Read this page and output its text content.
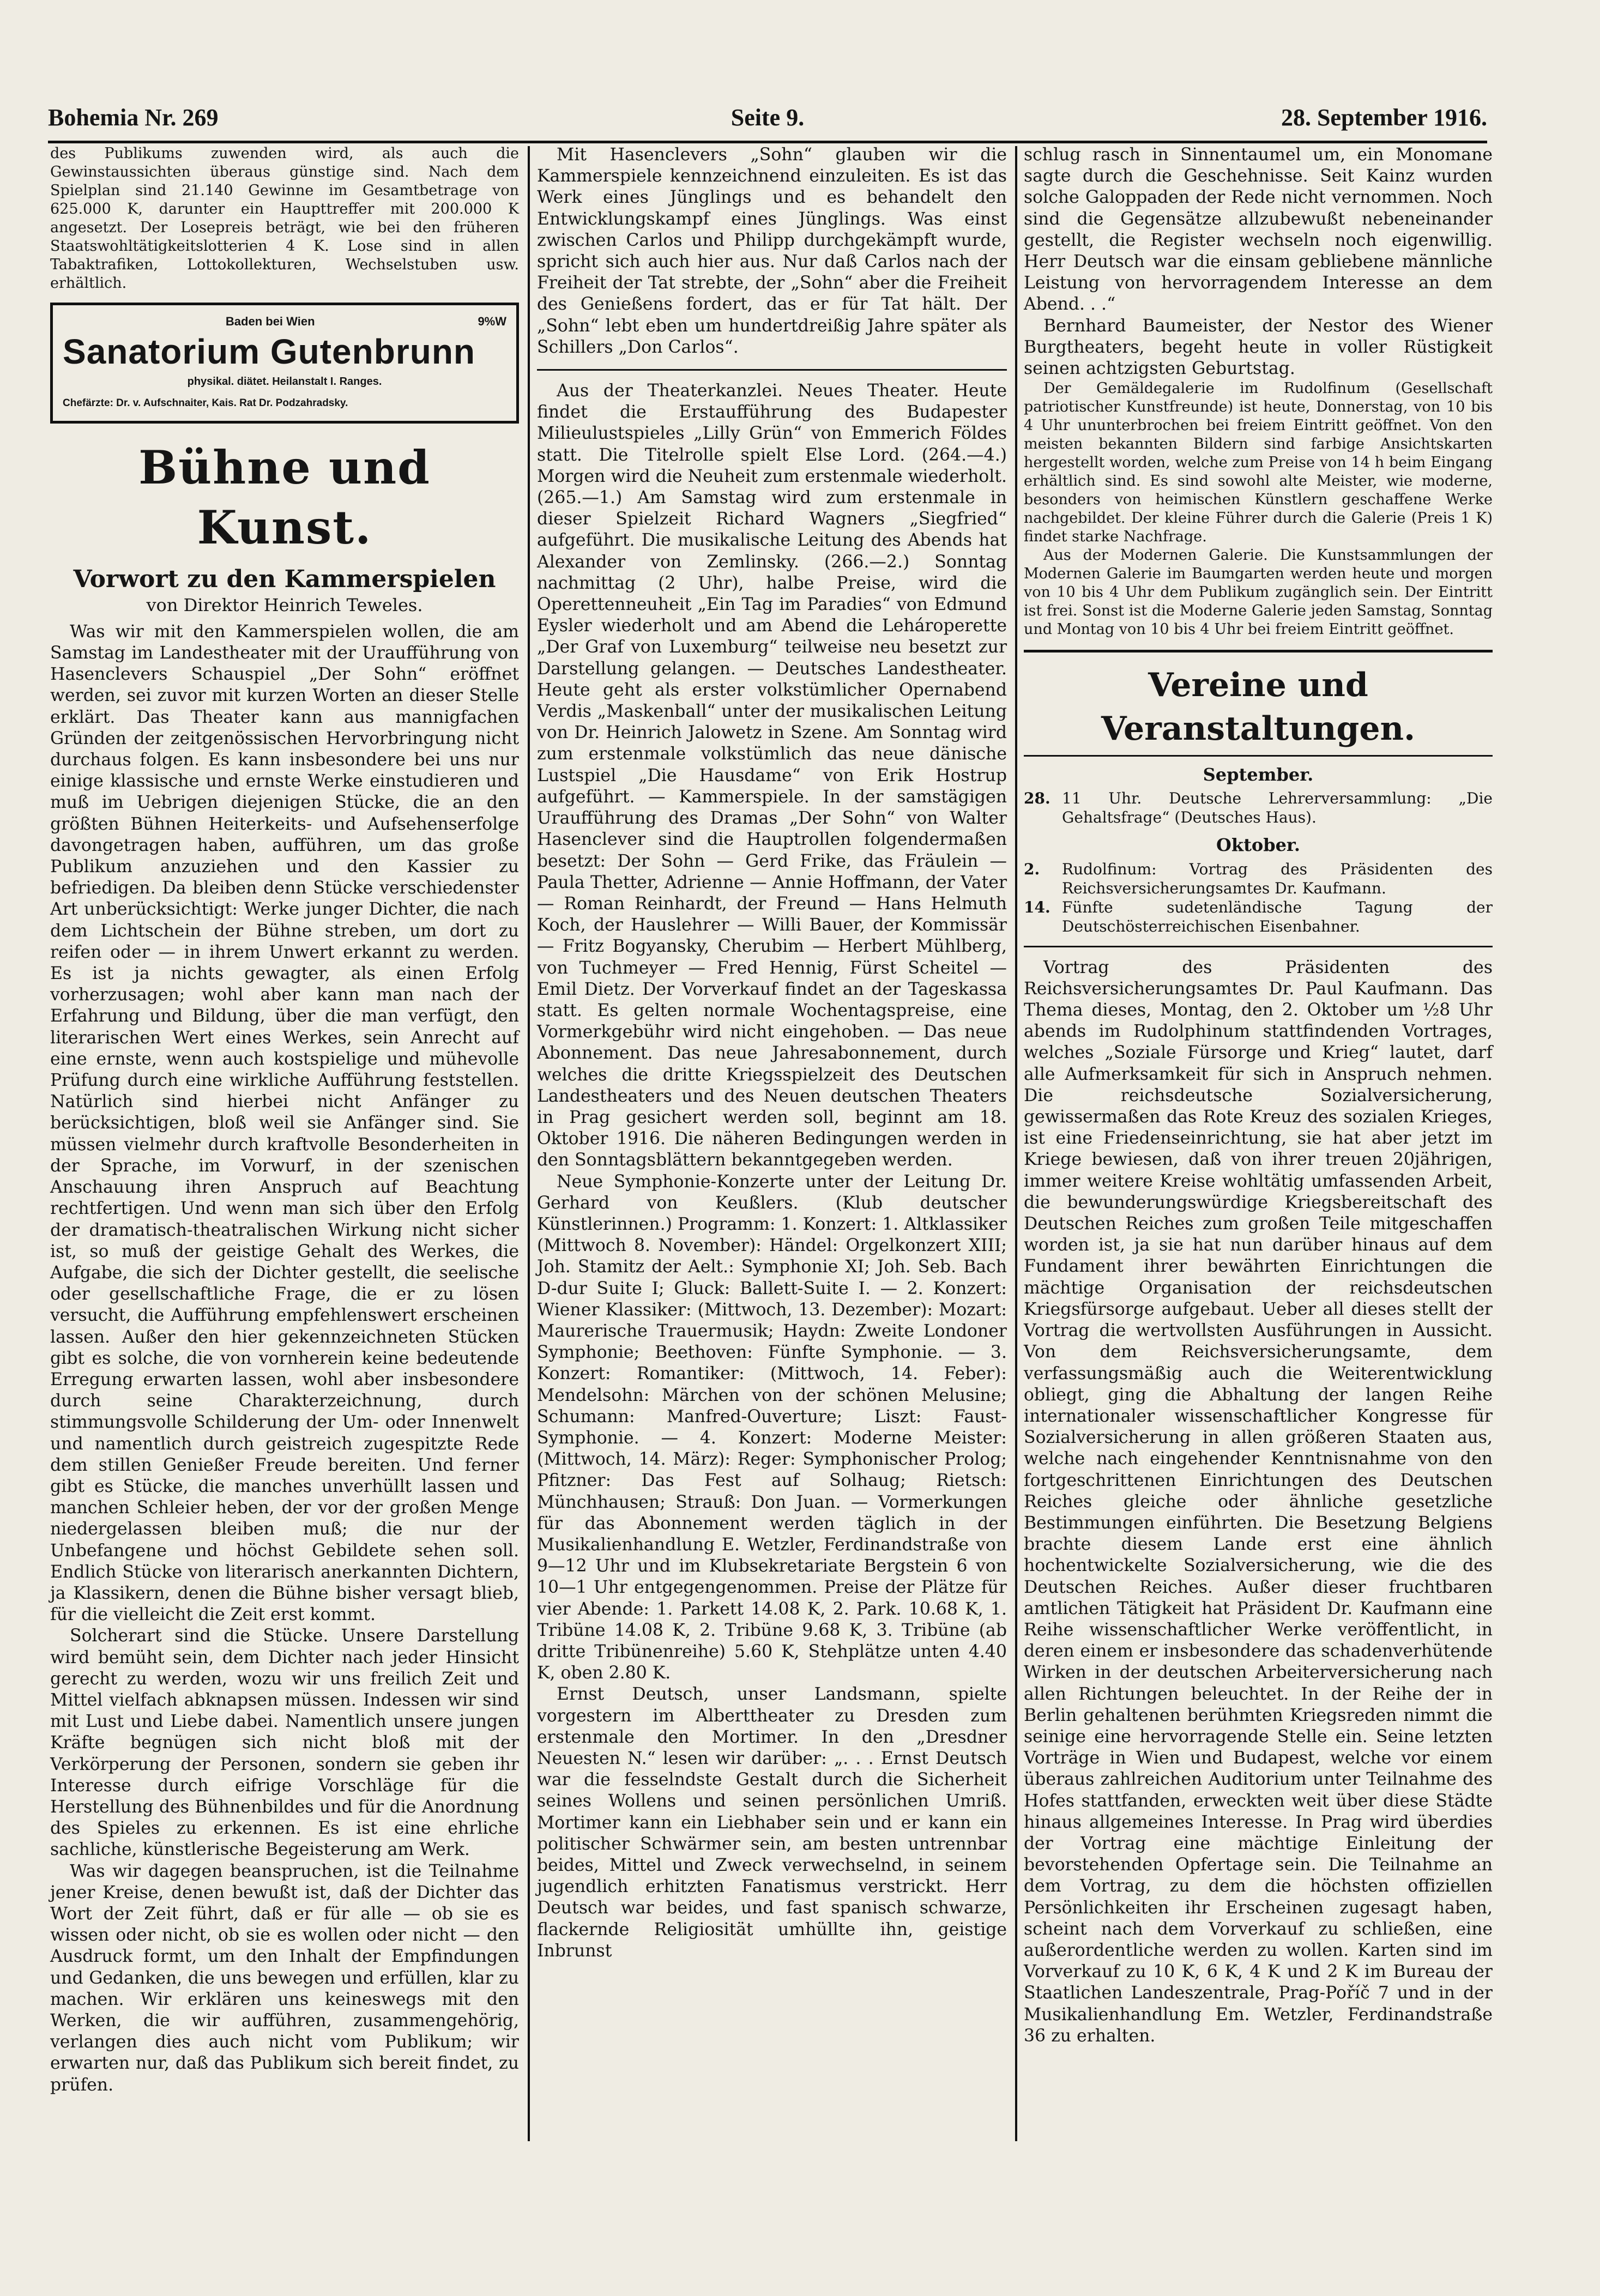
Bohemia Nr. 269	Seite 9.	28. September 1916.

des Publikums zuwenden wird, als auch die Gewinstaussichten überaus günstige sind. Nach dem Spielplan sind 21.140 Gewinne im Gesamtbetrage von 625.000 K, darunter ein Haupttreffer mit 200.000 K angesetzt. Der Losepreis beträgt, wie bei den früheren Staatswohltätigkeitslotterien 4 K. Lose sind in allen Tabaktrafiken, Lottokollekturen, Wechselstuben usw. erhältlich.

Baden bei Wien	9%W
Sanatorium Gutenbrunn
physikal. diätet. Heilanstalt I. Ranges.
Chefärzte: Dr. v. Aufschnaiter, Kais. Rat Dr. Podzahradsky.
Bühne und Kunst.
Vorwort zu den Kammerspielen
von Direktor Heinrich Teweles.

Was wir mit den Kammerspielen wollen, die am Samstag im Landestheater mit der Uraufführung von Hasenclevers Schauspiel „Der Sohn“ eröffnet werden, sei zuvor mit kurzen Worten an dieser Stelle erklärt. Das Theater kann aus mannigfachen Gründen der zeitgenössischen Hervorbringung nicht durchaus folgen. Es kann insbesondere bei uns nur einige klassische und ernste Werke einstudieren und muß im Uebrigen diejenigen Stücke, die an den größten Bühnen Heiterkeits- und Aufsehenserfolge davongetragen haben, aufführen, um das große Publikum anzuziehen und den Kassier zu befriedigen. Da bleiben denn Stücke verschiedenster Art unberücksichtigt: Werke junger Dichter, die nach dem Lichtschein der Bühne streben, um dort zu reifen oder — in ihrem Unwert erkannt zu werden. Es ist ja nichts gewagter, als einen Erfolg vorherzusagen; wohl aber kann man nach der Erfahrung und Bildung, über die man verfügt, den literarischen Wert eines Werkes, sein Anrecht auf eine ernste, wenn auch kostspielige und mühevolle Prüfung durch eine wirkliche Aufführung feststellen. Natürlich sind hierbei nicht Anfänger zu berücksichtigen, bloß weil sie Anfänger sind. Sie müssen vielmehr durch kraftvolle Besonderheiten in der Sprache, im Vorwurf, in der szenischen Anschauung ihren Anspruch auf Beachtung rechtfertigen. Und wenn man sich über den Erfolg der dramatisch-theatralischen Wirkung nicht sicher ist, so muß der geistige Gehalt des Werkes, die Aufgabe, die sich der Dichter gestellt, die seelische oder gesellschaftliche Frage, die er zu lösen versucht, die Aufführung empfehlenswert erscheinen lassen. Außer den hier gekennzeichneten Stücken gibt es solche, die von vornherein keine bedeutende Erregung erwarten lassen, wohl aber insbesondere durch seine Charakterzeichnung, durch stimmungsvolle Schilderung der Um- oder Innenwelt und namentlich durch geistreich zugespitzte Rede dem stillen Genießer Freude bereiten. Und ferner gibt es Stücke, die manches unverhüllt lassen und manchen Schleier heben, der vor der großen Menge niedergelassen bleiben muß; die nur der Unbefangene und höchst Gebildete sehen soll. Endlich Stücke von literarisch anerkannten Dichtern, ja Klassikern, denen die Bühne bisher versagt blieb, für die vielleicht die Zeit erst kommt.

Solcherart sind die Stücke. Unsere Darstellung wird bemüht sein, dem Dichter nach jeder Hinsicht gerecht zu werden, wozu wir uns freilich Zeit und Mittel vielfach abknapsen müssen. Indessen wir sind mit Lust und Liebe dabei. Namentlich unsere jungen Kräfte begnügen sich nicht bloß mit der Verkörperung der Personen, sondern sie geben ihr Interesse durch eifrige Vorschläge für die Herstellung des Bühnenbildes und für die Anordnung des Spieles zu erkennen. Es ist eine ehrliche sachliche, künstlerische Begeisterung am Werk.

Was wir dagegen beanspruchen, ist die Teilnahme jener Kreise, denen bewußt ist, daß der Dichter das Wort der Zeit führt, daß er für alle — ob sie es wissen oder nicht, ob sie es wollen oder nicht — den Ausdruck formt, um den Inhalt der Empfindungen und Gedanken, die uns bewegen und erfüllen, klar zu machen. Wir erklären uns keineswegs mit den Werken, die wir aufführen, zusammengehörig, verlangen dies auch nicht vom Publikum; wir erwarten nur, daß das Publikum sich bereit findet, zu prüfen.

Mit Hasenclevers „Sohn“ glauben wir die Kammerspiele kennzeichnend einzuleiten. Es ist das Werk eines Jünglings und es behandelt den Entwicklungskampf eines Jünglings. Was einst zwischen Carlos und Philipp durchgekämpft wurde, spricht sich auch hier aus. Nur daß Carlos nach der Freiheit der Tat strebte, der „Sohn“ aber die Freiheit des Genießens fordert, das er für Tat hält. Der „Sohn“ lebt eben um hundertdreißig Jahre später als Schillers „Don Carlos“.

Aus der Theaterkanzlei. Neues Theater. Heute findet die Erstaufführung des Budapester Milieulustspieles „Lilly Grün“ von Emmerich Földes statt. Die Titelrolle spielt Else Lord. (264.—4.) Morgen wird die Neuheit zum erstenmale wiederholt. (265.—1.) Am Samstag wird zum erstenmale in dieser Spielzeit Richard Wagners „Siegfried“ aufgeführt. Die musikalische Leitung des Abends hat Alexander von Zemlinsky. (266.—2.) Sonntag nachmittag (2 Uhr), halbe Preise, wird die Operettenneuheit „Ein Tag im Paradies“ von Edmund Eysler wiederholt und am Abend die Lehároperette „Der Graf von Luxemburg“ teilweise neu besetzt zur Darstellung gelangen. — Deutsches Landestheater. Heute geht als erster volkstümlicher Opernabend Verdis „Maskenball“ unter der musikalischen Leitung von Dr. Heinrich Jalowetz in Szene. Am Sonntag wird zum erstenmale volkstümlich das neue dänische Lustspiel „Die Hausdame“ von Erik Hostrup aufgeführt. — Kammerspiele. In der samstägigen Uraufführung des Dramas „Der Sohn“ von Walter Hasenclever sind die Hauptrollen folgendermaßen besetzt: Der Sohn — Gerd Frike, das Fräulein — Paula Thetter, Adrienne — Annie Hoffmann, der Vater — Roman Reinhardt, der Freund — Hans Helmuth Koch, der Hauslehrer — Willi Bauer, der Kommissär — Fritz Bogyansky, Cherubim — Herbert Mühlberg, von Tuchmeyer — Fred Hennig, Fürst Scheitel — Emil Dietz. Der Vorverkauf findet an der Tageskassa statt. Es gelten normale Wochentagspreise, eine Vormerkgebühr wird nicht eingehoben. — Das neue Abonnement. Das neue Jahresabonnement, durch welches die dritte Kriegsspielzeit des Deutschen Landestheaters und des Neuen deutschen Theaters in Prag gesichert werden soll, beginnt am 18. Oktober 1916. Die näheren Bedingungen werden in den Sonntagsblättern bekanntgegeben werden.

Neue Symphonie-Konzerte unter der Leitung Dr. Gerhard von Keußlers. (Klub deutscher Künstlerinnen.) Programm: 1. Konzert: 1. Altklassiker (Mittwoch 8. November): Händel: Orgelkonzert XIII; Joh. Stamitz der Aelt.: Symphonie XI; Joh. Seb. Bach D-dur Suite I; Gluck: Ballett-Suite I. — 2. Konzert: Wiener Klassiker: (Mittwoch, 13. Dezember): Mozart: Maurerische Trauermusik; Haydn: Zweite Londoner Symphonie; Beethoven: Fünfte Symphonie. — 3. Konzert: Romantiker: (Mittwoch, 14. Feber): Mendelsohn: Märchen von der schönen Melusine; Schumann: Manfred-Ouverture; Liszt: Faust-Symphonie. — 4. Konzert: Moderne Meister: (Mittwoch, 14. März): Reger: Symphonischer Prolog; Pfitzner: Das Fest auf Solhaug; Rietsch: Münchhausen; Strauß: Don Juan. — Vormerkungen für das Abonnement werden täglich in der Musikalienhandlung E. Wetzler, Ferdinandstraße von 9—12 Uhr und im Klubsekretariate Bergstein 6 von 10—1 Uhr entgegengenommen. Preise der Plätze für vier Abende: 1. Parkett 14.08 K, 2. Park. 10.68 K, 1. Tribüne 14.08 K, 2. Tribüne 9.68 K, 3. Tribüne (ab dritte Tribünenreihe) 5.60 K, Stehplätze unten 4.40 K, oben 2.80 K.

Ernst Deutsch, unser Landsmann, spielte vorgestern im Alberttheater zu Dresden zum erstenmale den Mortimer. In den „Dresdner Neuesten N.“ lesen wir darüber: „. . . Ernst Deutsch war die fesselndste Gestalt durch die Sicherheit seines Wollens und seinen persönlichen Umriß. Mortimer kann ein Liebhaber sein und er kann ein politischer Schwärmer sein, am besten untrennbar beides, Mittel und Zweck verwechselnd, in seinem jugendlich erhitzten Fanatismus verstrickt. Herr Deutsch war beides, und fast spanisch schwarze, flackernde Religiosität umhüllte ihn, geistige Inbrunst

schlug rasch in Sinnentaumel um, ein Monomane sagte durch die Geschehnisse. Seit Kainz wurden solche Galoppaden der Rede nicht vernommen. Noch sind die Gegensätze allzubewußt nebeneinander gestellt, die Register wechseln noch eigenwillig. Herr Deutsch war die einsam gebliebene männliche Leistung von hervorragendem Interesse an dem Abend. . .“

Bernhard Baumeister, der Nestor des Wiener Burgtheaters, begeht heute in voller Rüstigkeit seinen achtzigsten Geburtstag.

Der Gemäldegalerie im Rudolfinum (Gesellschaft patriotischer Kunstfreunde) ist heute, Donnerstag, von 10 bis 4 Uhr ununterbrochen bei freiem Eintritt geöffnet. Von den meisten bekannten Bildern sind farbige Ansichtskarten hergestellt worden, welche zum Preise von 14 h beim Eingang erhältlich sind. Es sind sowohl alte Meister, wie moderne, besonders von heimischen Künstlern geschaffene Werke nachgebildet. Der kleine Führer durch die Galerie (Preis 1 K) findet starke Nachfrage.

Aus der Modernen Galerie. Die Kunstsammlungen der Modernen Galerie im Baumgarten werden heute und morgen von 10 bis 4 Uhr dem Publikum zugänglich sein. Der Eintritt ist frei. Sonst ist die Moderne Galerie jeden Samstag, Sonntag und Montag von 10 bis 4 Uhr bei freiem Eintritt geöffnet.

Vereine und Veranstaltungen.
September.
28. 11 Uhr. Deutsche Lehrerversammlung: „Die Gehaltsfrage“ (Deutsches Haus).
Oktober.
2.	Rudolfinum: Vortrag des Präsidenten des Reichsversicherungsamtes Dr. Kaufmann.
14. Fünfte sudetenländische Tagung der Deutschösterreichischen Eisenbahner.

Vortrag des Präsidenten des Reichsversicherungsamtes Dr. Paul Kaufmann. Das Thema dieses, Montag, den 2. Oktober um ½8 Uhr abends im Rudolphinum stattfindenden Vortrages, welches „Soziale Fürsorge und Krieg“ lautet, darf alle Aufmerksamkeit für sich in Anspruch nehmen. Die reichsdeutsche Sozialversicherung, gewissermaßen das Rote Kreuz des sozialen Krieges, ist eine Friedenseinrichtung, sie hat aber jetzt im Kriege bewiesen, daß von ihrer treuen 20jährigen, immer weitere Kreise wohltätig umfassenden Arbeit, die bewunderungswürdige Kriegsbereitschaft des Deutschen Reiches zum großen Teile mitgeschaffen worden ist, ja sie hat nun darüber hinaus auf dem Fundament ihrer bewährten Einrichtungen die mächtige Organisation der reichsdeutschen Kriegsfürsorge aufgebaut. Ueber all dieses stellt der Vortrag die wertvollsten Ausführungen in Aussicht. Von dem Reichsversicherungsamte, dem verfassungsmäßig auch die Weiterentwicklung obliegt, ging die Abhaltung der langen Reihe internationaler wissenschaftlicher Kongresse für Sozialversicherung in allen größeren Staaten aus, welche nach eingehender Kenntnisnahme von den fortgeschrittenen Einrichtungen des Deutschen Reiches gleiche oder ähnliche gesetzliche Bestimmungen einführten. Die Besetzung Belgiens brachte diesem Lande erst eine ähnlich hochentwickelte Sozialversicherung, wie die des Deutschen Reiches. Außer dieser fruchtbaren amtlichen Tätigkeit hat Präsident Dr. Kaufmann eine Reihe wissenschaftlicher Werke veröffentlicht, in deren einem er insbesondere das schadenverhütende Wirken in der deutschen Arbeiterversicherung nach allen Richtungen beleuchtet. In der Reihe der in Berlin gehaltenen berühmten Kriegsreden nimmt die seinige eine hervorragende Stelle ein. Seine letzten Vorträge in Wien und Budapest, welche vor einem überaus zahlreichen Auditorium unter Teilnahme des Hofes stattfanden, erweckten weit über diese Städte hinaus allgemeines Interesse. In Prag wird überdies der Vortrag eine mächtige Einleitung der bevorstehenden Opfertage sein. Die Teilnahme an dem Vortrag, zu dem die höchsten offiziellen Persönlichkeiten ihr Erscheinen zugesagt haben, scheint nach dem Vorverkauf zu schließen, eine außerordentliche werden zu wollen. Karten sind im Vorverkauf zu 10 K, 6 K, 4 K und 2 K im Bureau der Staatlichen Landeszentrale, Prag-Poříč 7 und in der Musikalienhandlung Em. Wetzler, Ferdinandstraße 36 zu erhalten.
